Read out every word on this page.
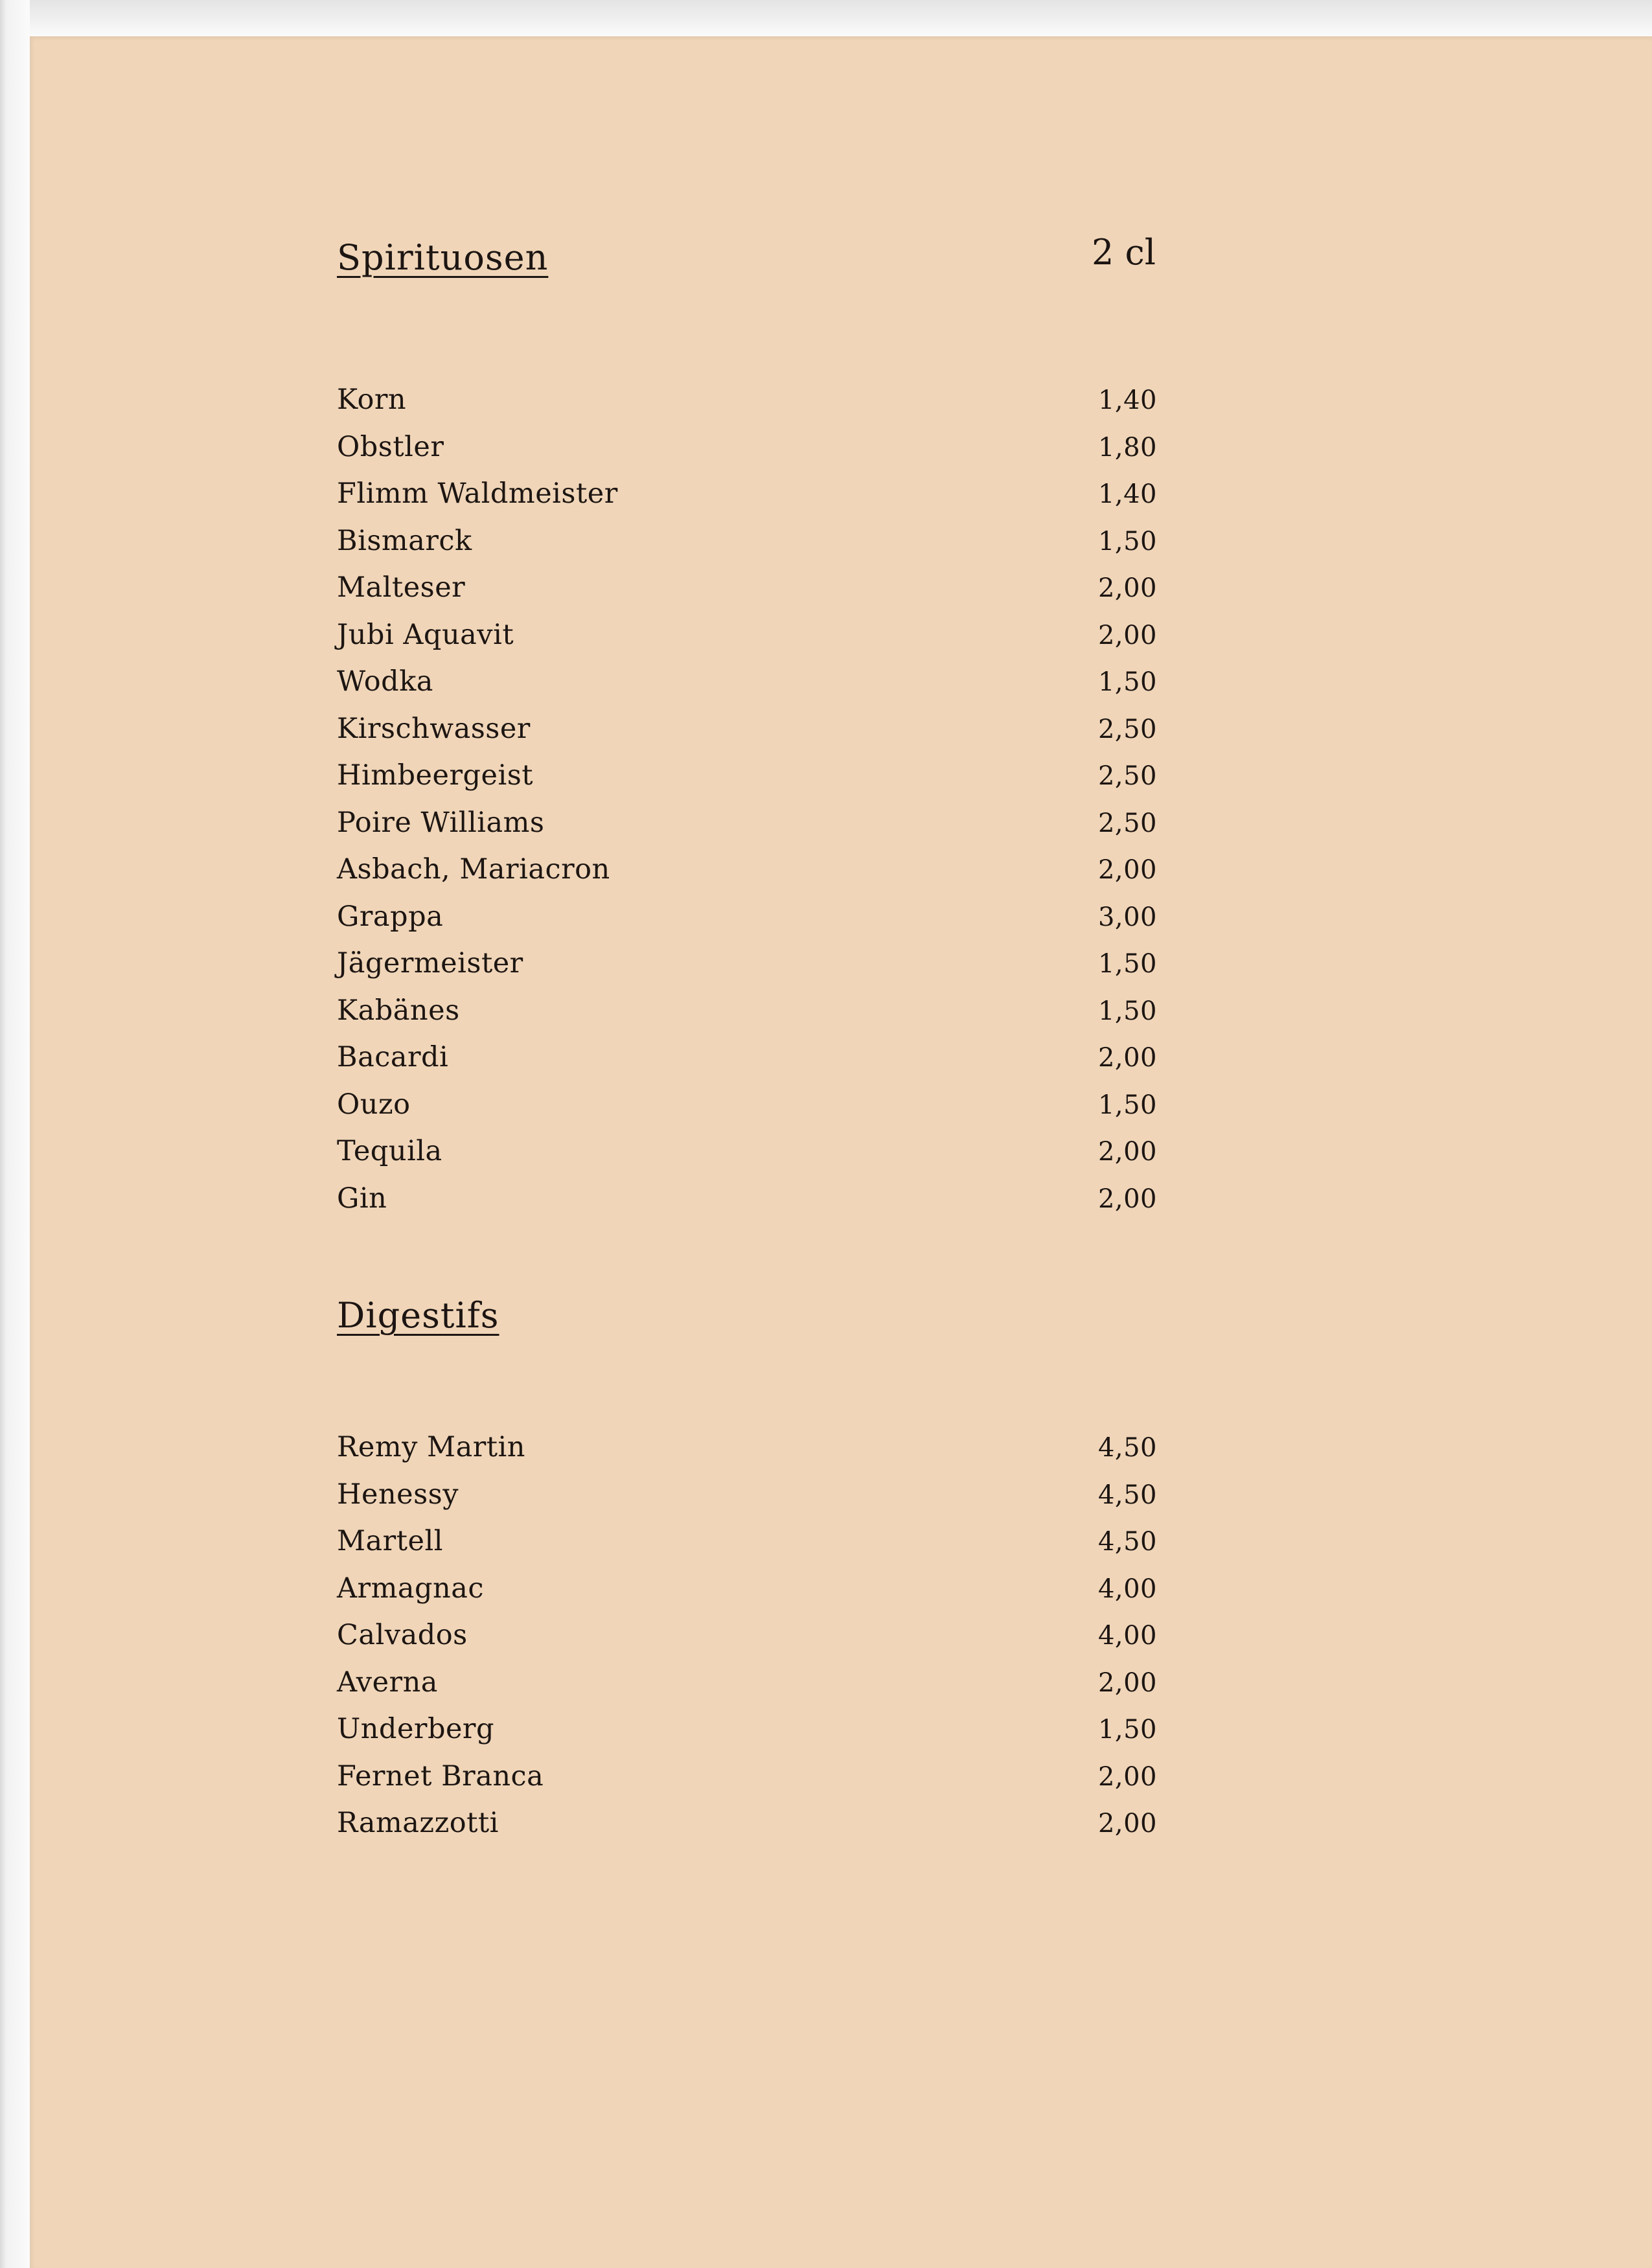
Spirituosen	2 cl
Korn	1,40
Obstler	1,80
Flimm Waldmeister	1,40
Bismarck	1,50
Malteser	2,00
Jubi Aquavit	2,00
Wodka	1,50
Kirschwasser	2,50
Himbeergeist	2,50
Poire Williams	2,50
Asbach, Mariacron	2,00
Grappa	3,00
Jägermeister	1,50
Kabänes	1,50
Bacardi	2,00
Ouzo	1,50
Tequila	2,00
Gin	2,00
Digestifs
Remy Martin	4,50
Henessy	4,50
Martell	4,50
Armagnac	4,00
Calvados	4,00
Averna	2,00
Underberg	1,50
Fernet Branca	2,00
Ramazzotti	2,00
